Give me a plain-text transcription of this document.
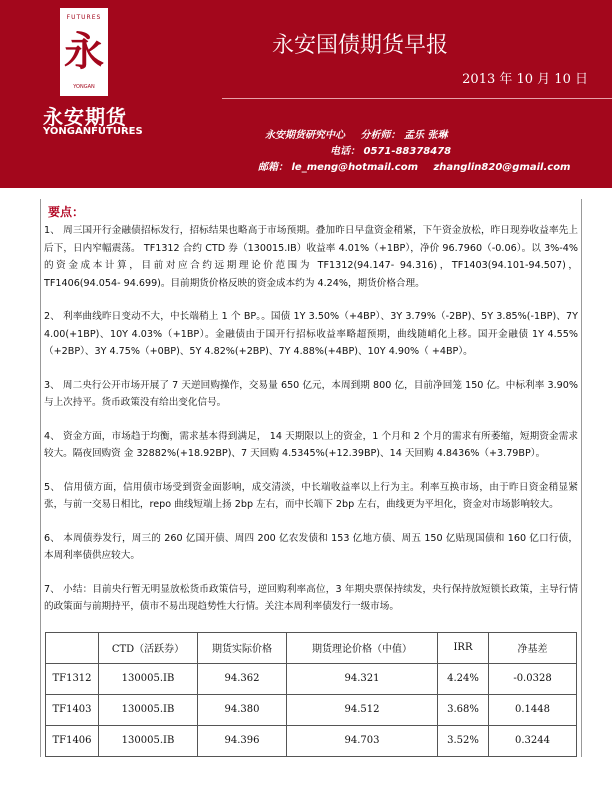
FUTURES
永
YONGAN
永安期货
YONGANFUTURES
永安国债期货早报
2013 年 10 月 10 日
永安期货研究中心 分析师： 孟乐 张琳
电话： 0571-88378478
邮箱： le_meng@hotmail.com zhanglin820@gmail.com
要点：

1、 周三国开行金融债招标发行，招标结果也略高于市场预期。叠加昨日早盘资金稍紧，下午资金放松，昨日现券收益率先上后下，日内窄幅震荡。 TF1312 合约 CTD 券（130015.IB）收益率 4.01%（+1BP），净价 96.7960（-0.06）。以 3%-4%的资金成本计算，目前对应合约远期理论价范围为 TF1312(94.147- 94.316)，TF1403(94.101-94.507)，TF1406(94.054- 94.699)。目前期货价格反映的资金成本约为 4.24%，期货价格合理。

2、 利率曲线昨日变动不大，中长端稍上 1 个 BP。。国债 1Y 3.50%（+4BP）、3Y 3.79%（-2BP)、5Y 3.85%(-1BP)、7Y 4.00(+1BP)、10Y 4.03%（+1BP）。金融债由于国开行招标收益率略超预期，曲线随峭化上移。国开金融债 1Y 4.55%（+2BP）、3Y 4.75%（+0BP)、5Y 4.82%(+2BP)、7Y 4.88%(+4BP)、10Y 4.90%（ +4BP）。

3、 周二央行公开市场开展了 7 天逆回购操作，交易量 650 亿元，本周到期 800 亿，目前净回笼 150 亿。中标利率 3.90%与上次持平。货币政策没有给出变化信号。

4、 资金方面，市场趋于均衡，需求基本得到满足， 14 天期限以上的资金，1 个月和 2 个月的需求有所萎缩，短期资金需求较大。隔夜回购资 金 32882%(+18.92BP)、7 天回购 4.5345%(+12.39BP)、14 天回购 4.8436%（+3.79BP）。

5、 信用债方面，信用债市场受到资金面影响，成交清淡，中长端收益率以上行为主。利率互换市场，由于昨日资金稍显紧张，与前一交易日相比，repo 曲线短端上扬 2bp 左右，而中长端下 2bp 左右，曲线更为平坦化，资金对市场影响较大。

6、 本周债券发行，周三的 260 亿国开债、周四 200 亿农发债和 153 亿地方债、周五 150 亿贴现国债和 160 亿口行债，本周利率债供应较大。

7、 小结：目前央行暂无明显放松货币政策信号，逆回购利率高位，3 年期央票保持续发，央行保持放短锁长政策，主导行情的政策面与前期持平，债市不易出现趋势性大行情。关注本周利率债发行一级市场。

	CTD（活跃券）	期货实际价格	期货理论价格（中值）	IRR	净基差
TF1312	130005.IB	94.362	94.321	4.24%	-0.0328
TF1403	130005.IB	94.380	94.512	3.68%	0.1448
TF1406	130005.IB	94.396	94.703	3.52%	0.3244
